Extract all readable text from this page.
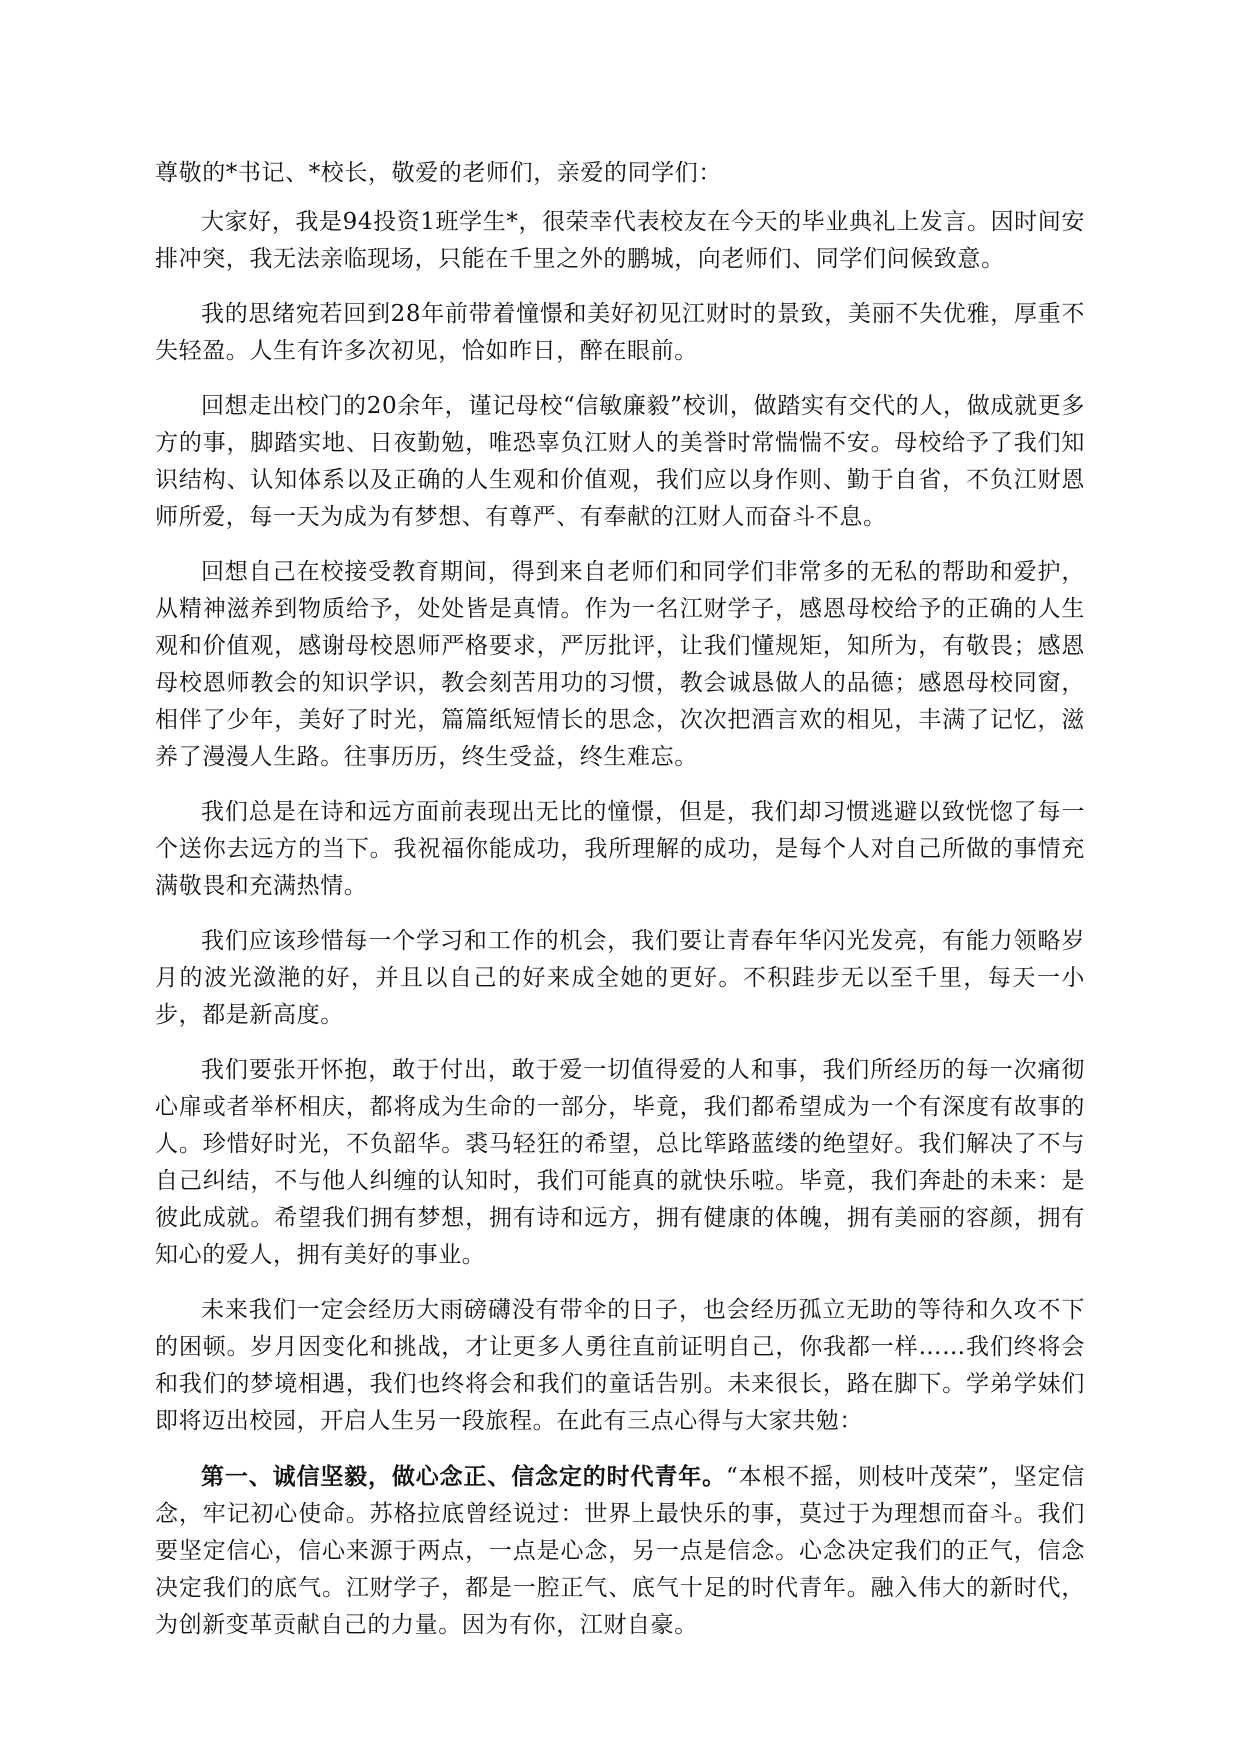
尊敬的*书记、*校长，敬爱的老师们，亲爱的同学们：

大家好，我是94投资1班学生*，很荣幸代表校友在今天的毕业典礼上发言。因时间安排冲突，我无法亲临现场，只能在千里之外的鹏城，向老师们、同学们问候致意。

我的思绪宛若回到28年前带着憧憬和美好初见江财时的景致，美丽不失优雅，厚重不失轻盈。人生有许多次初见，恰如昨日，醉在眼前。

回想走出校门的20余年，谨记母校“信敏廉毅”校训，做踏实有交代的人，做成就更多方的事，脚踏实地、日夜勤勉，唯恐辜负江财人的美誉时常惴惴不安。母校给予了我们知识结构、认知体系以及正确的人生观和价值观，我们应以身作则、勤于自省，不负江财恩师所爱，每一天为成为有梦想、有尊严、有奉献的江财人而奋斗不息。

回想自己在校接受教育期间，得到来自老师们和同学们非常多的无私的帮助和爱护，从精神滋养到物质给予，处处皆是真情。作为一名江财学子，感恩母校给予的正确的人生观和价值观，感谢母校恩师严格要求，严厉批评，让我们懂规矩，知所为，有敬畏；感恩母校恩师教会的知识学识，教会刻苦用功的习惯，教会诚恳做人的品德；感恩母校同窗，相伴了少年，美好了时光，篇篇纸短情长的思念，次次把酒言欢的相见，丰满了记忆，滋养了漫漫人生路。往事历历，终生受益，终生难忘。

我们总是在诗和远方面前表现出无比的憧憬，但是，我们却习惯逃避以致恍惚了每一个送你去远方的当下。我祝福你能成功，我所理解的成功，是每个人对自己所做的事情充满敬畏和充满热情。

我们应该珍惜每一个学习和工作的机会，我们要让青春年华闪光发亮，有能力领略岁月的波光潋滟的好，并且以自己的好来成全她的更好。不积跬步无以至千里，每天一小步，都是新高度。

我们要张开怀抱，敢于付出，敢于爱一切值得爱的人和事，我们所经历的每一次痛彻心扉或者举杯相庆，都将成为生命的一部分，毕竟，我们都希望成为一个有深度有故事的人。珍惜好时光，不负韶华。裘马轻狂的希望，总比筚路蓝缕的绝望好。我们解决了不与自己纠结，不与他人纠缠的认知时，我们可能真的就快乐啦。毕竟，我们奔赴的未来：是彼此成就。希望我们拥有梦想，拥有诗和远方，拥有健康的体魄，拥有美丽的容颜，拥有知心的爱人，拥有美好的事业。

未来我们一定会经历大雨磅礴没有带伞的日子，也会经历孤立无助的等待和久攻不下的困顿。岁月因变化和挑战，才让更多人勇往直前证明自己，你我都一样……我们终将会和我们的梦境相遇，我们也终将会和我们的童话告别。未来很长，路在脚下。学弟学妹们即将迈出校园，开启人生另一段旅程。在此有三点心得与大家共勉：

第一、诚信坚毅，做心念正、信念定的时代青年。“本根不摇，则枝叶茂荣”，坚定信念，牢记初心使命。苏格拉底曾经说过：世界上最快乐的事，莫过于为理想而奋斗。我们要坚定信心，信心来源于两点，一点是心念，另一点是信念。心念决定我们的正气，信念决定我们的底气。江财学子，都是一腔正气、底气十足的时代青年。融入伟大的新时代，为创新变革贡献自己的力量。因为有你，江财自豪。
